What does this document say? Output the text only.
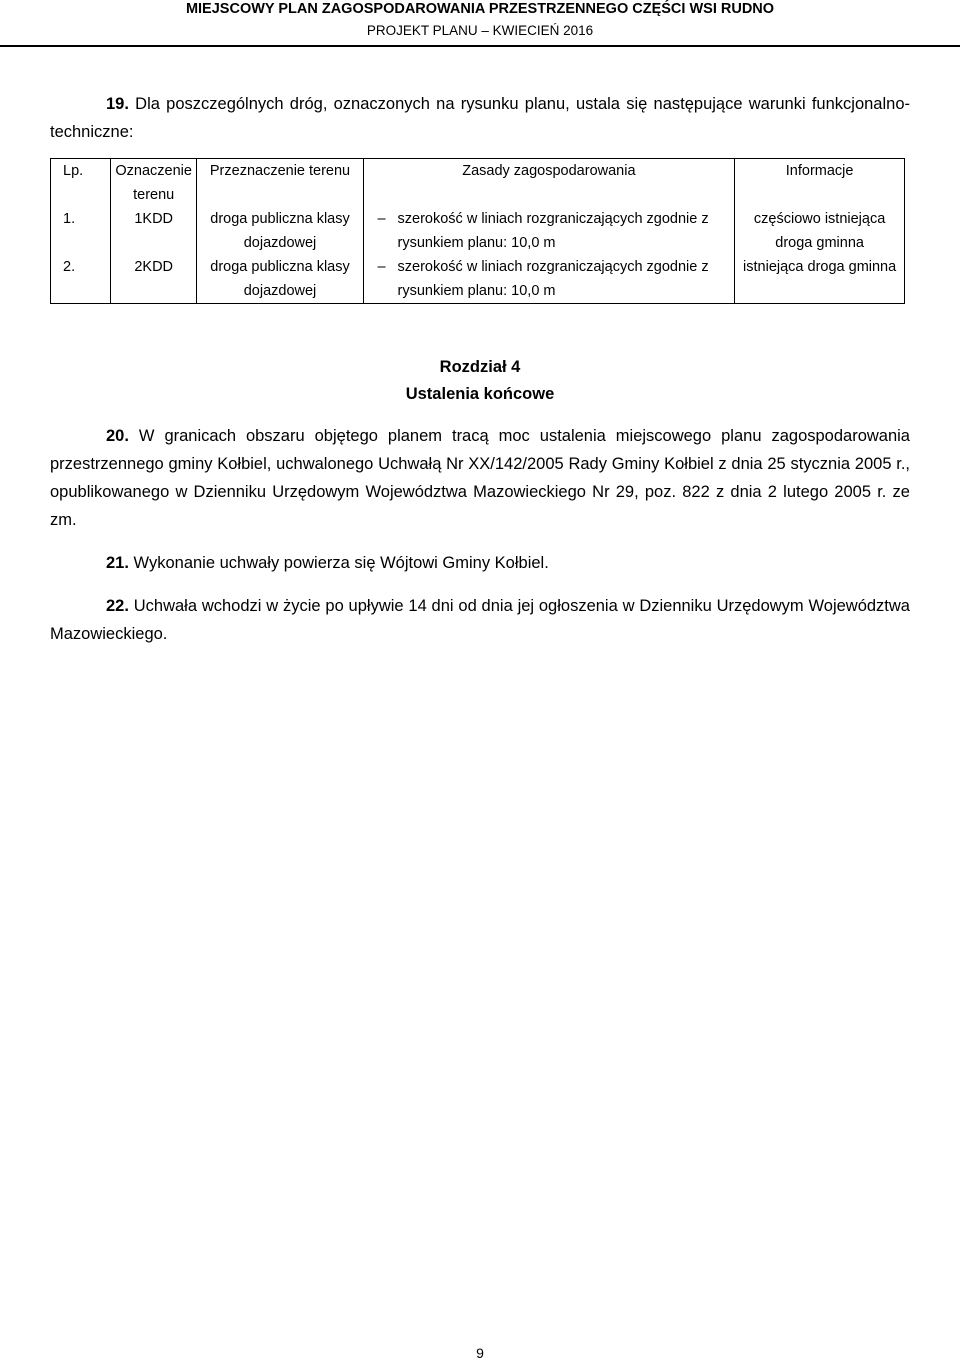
MIEJSCOWY PLAN ZAGOSPODAROWANIA PRZESTRZENNEGO CZĘŚCI WSI RUDNO
PROJEKT PLANU – KWIECIEŃ 2016
19. Dla poszczególnych dróg, oznaczonych na rysunku planu, ustala się następujące warunki funkcjonalno-techniczne:
Lp.	Oznaczenie terenu	Przeznaczenie terenu	Zasady zagospodarowania	Informacje
1.	1KDD	droga publiczna klasy dojazdowej	– szerokość w liniach rozgraniczających zgodnie z rysunkiem planu: 10,0 m	częściowo istniejąca droga gminna
2.	2KDD	droga publiczna klasy dojazdowej	– szerokość w liniach rozgraniczających zgodnie z rysunkiem planu: 10,0 m	istniejąca droga gminna
Rozdział 4
Ustalenia końcowe
20. W granicach obszaru objętego planem tracą moc ustalenia miejscowego planu zagospodarowania przestrzennego gminy Kołbiel, uchwalonego Uchwałą Nr XX/142/2005 Rady Gminy Kołbiel z dnia 25 stycznia 2005 r., opublikowanego w Dzienniku Urzędowym Województwa Mazowieckiego Nr 29, poz. 822 z dnia 2 lutego 2005 r. ze zm.
21. Wykonanie uchwały powierza się Wójtowi Gminy Kołbiel.
22. Uchwała wchodzi w życie po upływie 14 dni od dnia jej ogłoszenia w Dzienniku Urzędowym Województwa Mazowieckiego.
9
